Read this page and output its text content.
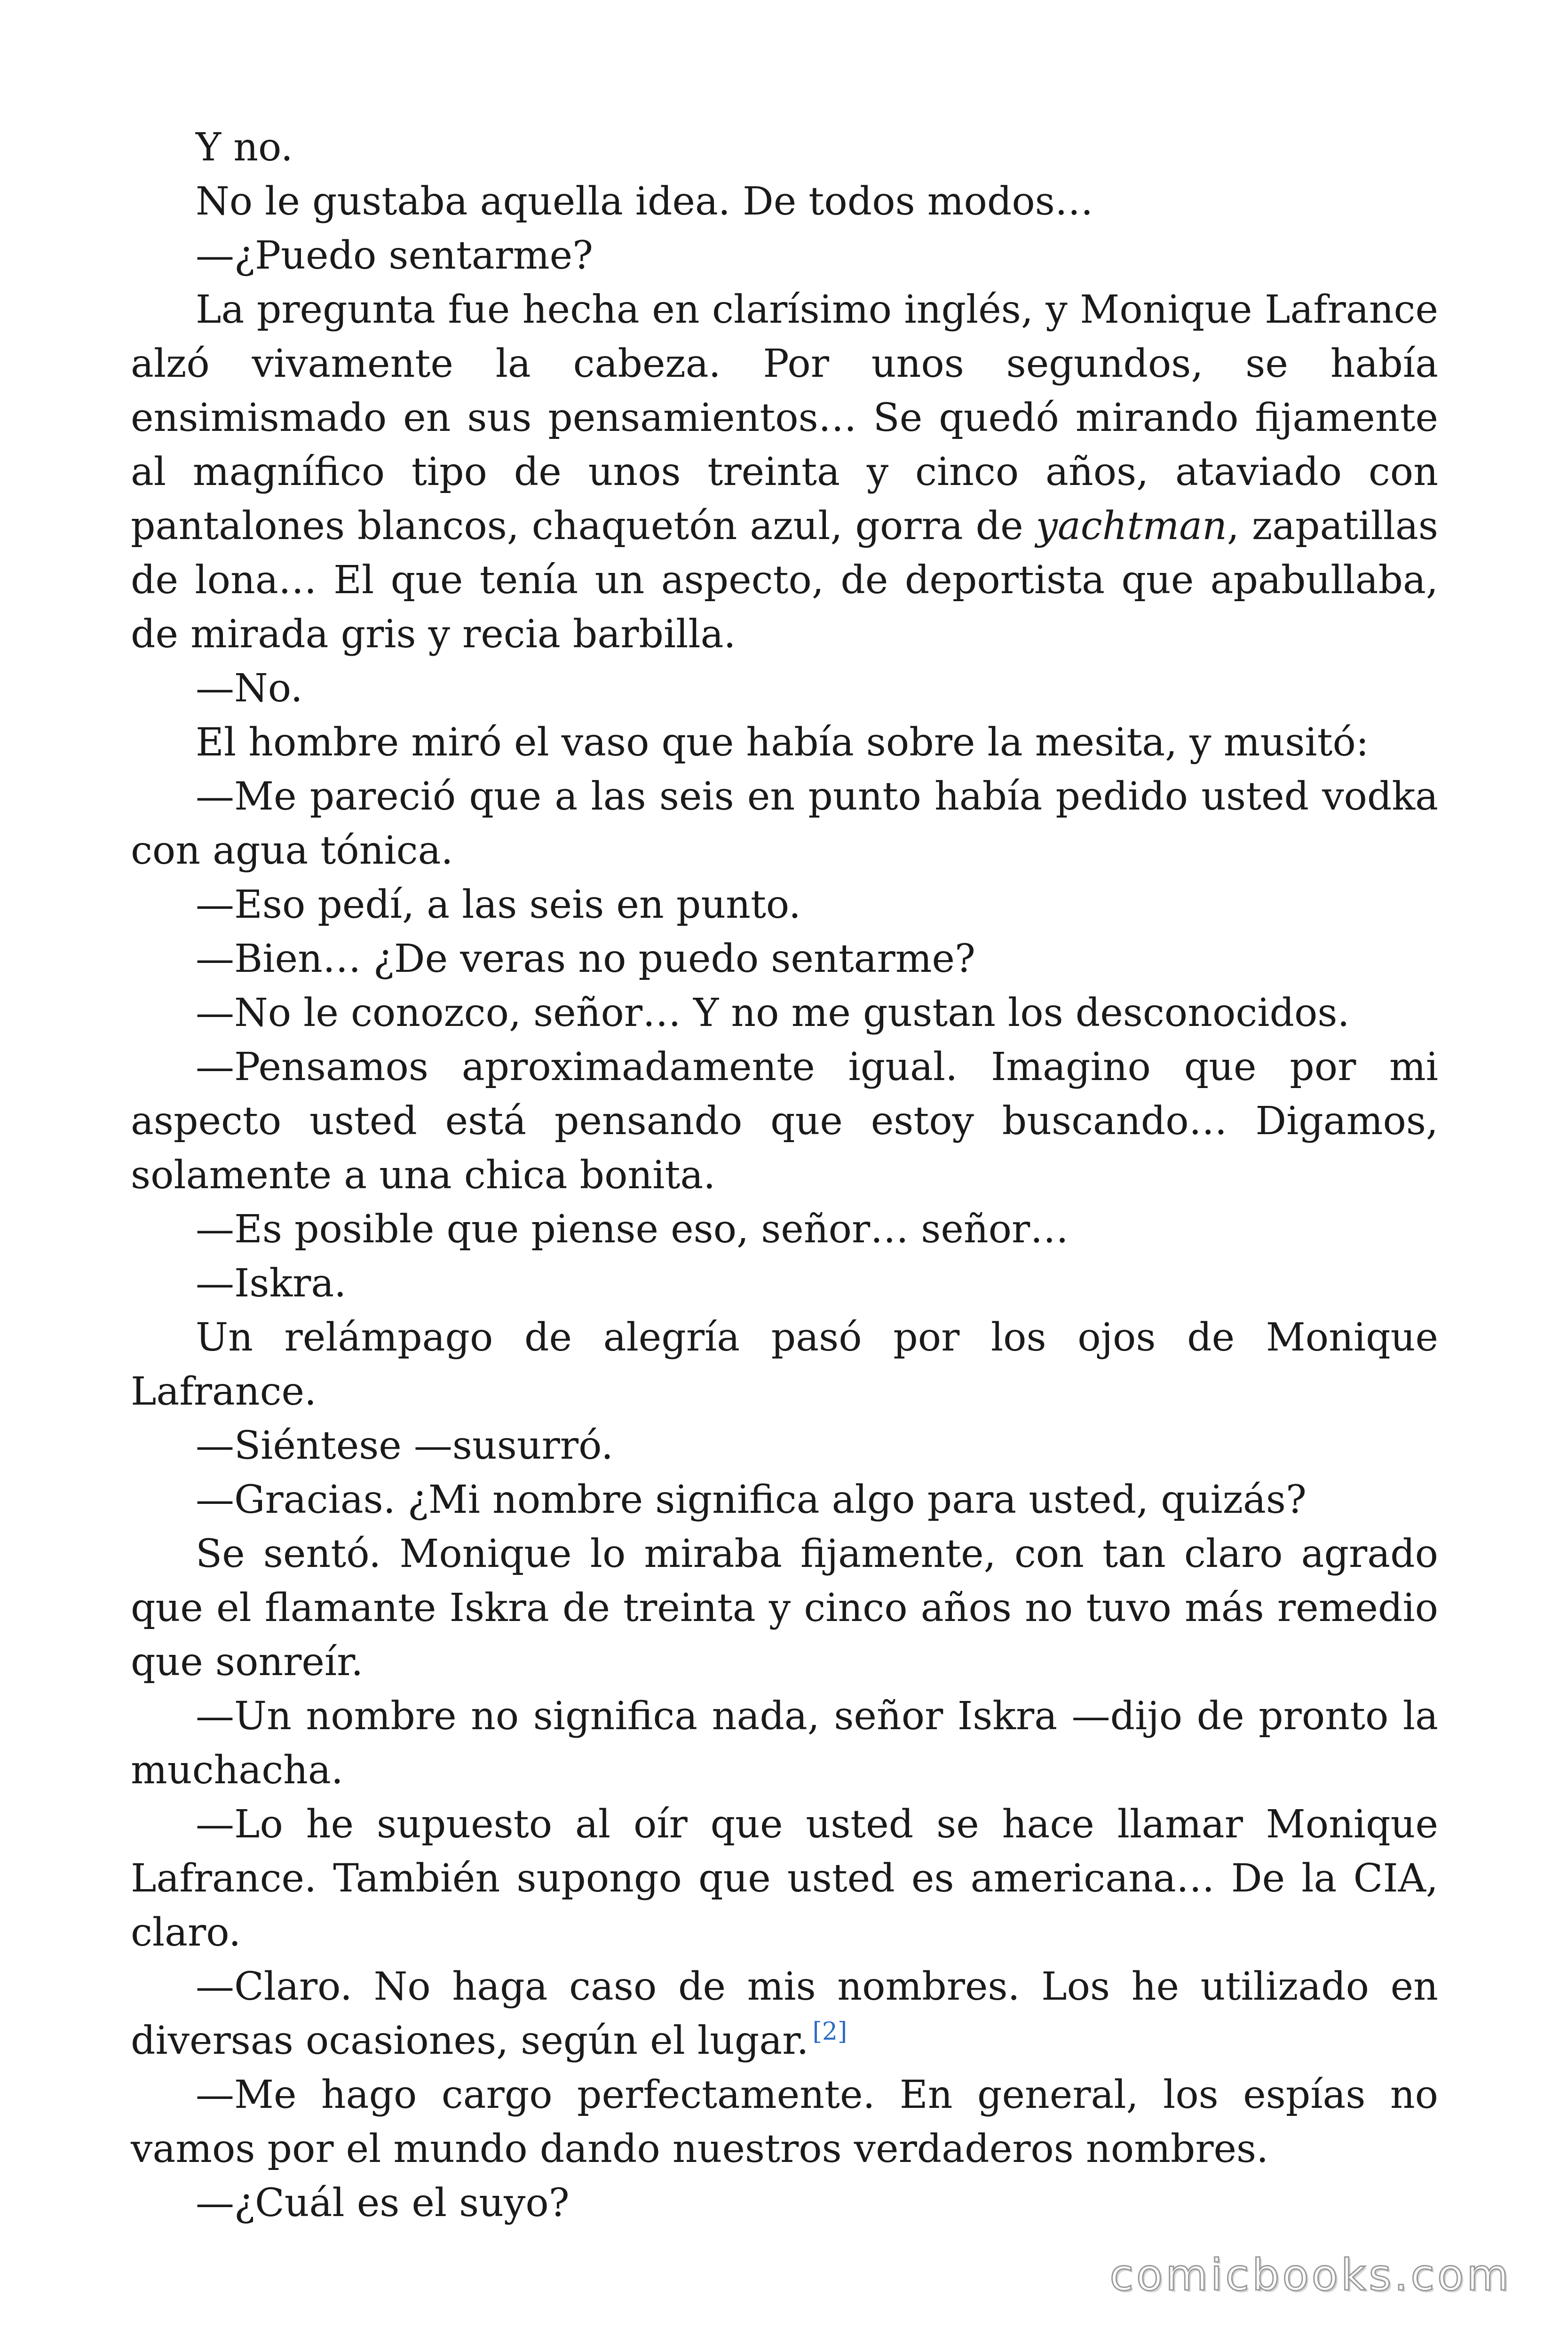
Y no.

No le gustaba aquella idea. De todos modos…

—¿Puedo sentarme?

La pregunta fue hecha en clarísimo inglés, y Monique Lafrance alzó vivamente la cabeza. Por unos segundos, se había ensimismado en sus pensamientos… Se quedó mirando fijamente al magnífico tipo de unos treinta y cinco años, ataviado con pantalones blancos, chaquetón azul, gorra de yachtman, zapatillas de lona… El que tenía un aspecto, de deportista que apabullaba, de mirada gris y recia barbilla.

—No.

El hombre miró el vaso que había sobre la mesita, y musitó:

—Me pareció que a las seis en punto había pedido usted vodka con agua tónica.

—Eso pedí, a las seis en punto.

—Bien… ¿De veras no puedo sentarme?

—No le conozco, señor… Y no me gustan los desconocidos.

—Pensamos aproximadamente igual. Imagino que por mi aspecto usted está pensando que estoy buscando… Digamos, solamente a una chica bonita.

—Es posible que piense eso, señor… señor…

—Iskra.

Un relámpago de alegría pasó por los ojos de Monique Lafrance.

—Siéntese —susurró.

—Gracias. ¿Mi nombre significa algo para usted, quizás?

Se sentó. Monique lo miraba fijamente, con tan claro agrado que el flamante Iskra de treinta y cinco años no tuvo más remedio que sonreír.

—Un nombre no significa nada, señor Iskra —dijo de pronto la muchacha.

—Lo he supuesto al oír que usted se hace llamar Monique Lafrance. También supongo que usted es americana… De la CIA, claro.

—Claro. No haga caso de mis nombres. Los he utilizado en diversas ocasiones, según el lugar. [2]

—Me hago cargo perfectamente. En general, los espías no vamos por el mundo dando nuestros verdaderos nombres.

—¿Cuál es el suyo?

comicbooks.com
